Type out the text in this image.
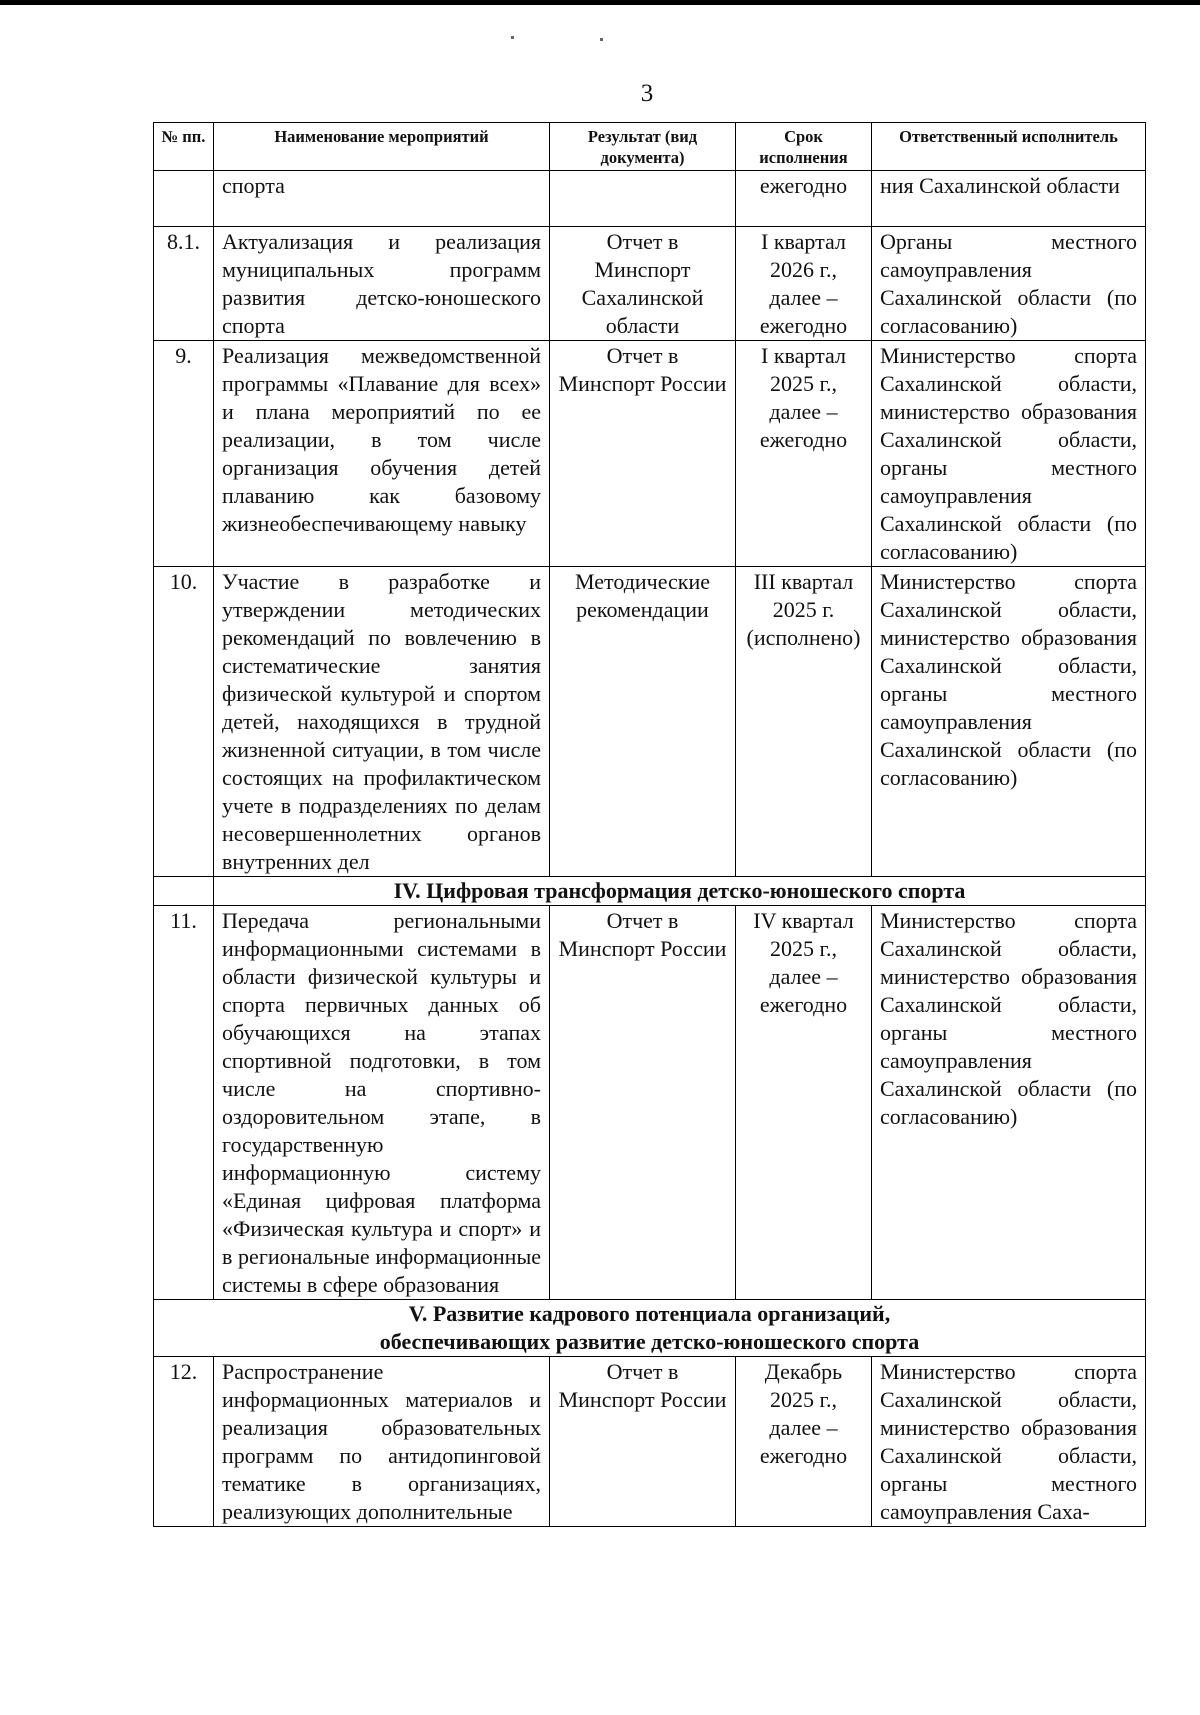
3
№ пп.	Наименование мероприятий	Результат (вид документа)	Срок исполнения	Ответственный исполнитель
	спорта		ежегодно	ния Сахалинской области
8.1.	Актуализация и реализация муниципальных программ развития детско-юношеского спорта	Отчет в Минспорт Сахалинской области	I квартал 2026 г., далее – ежегодно	Органы местного самоуправления Сахалинской области (по согласованию)
9.	Реализация межведомственной программы «Плавание для всех» и плана мероприятий по ее реализации, в том числе организация обучения детей плаванию как базовому жизнеобеспечивающему навыку	Отчет в Минспорт России	I квартал 2025 г., далее – ежегодно	Министерство спорта Сахалинской области, министерство образования Сахалинской области, органы местного самоуправления Сахалинской области (по согласованию)
10.	Участие в разработке и утверждении методических рекомендаций по вовлечению в систематические занятия физической культурой и спортом детей, находящихся в трудной жизненной ситуации, в том числе состоящих на профилактическом учете в подразделениях по делам несовершеннолетних органов внутренних дел	Методические рекомендации	III квартал 2025 г. (исполнено)	Министерство спорта Сахалинской области, министерство образования Сахалинской области, органы местного самоуправления Сахалинской области (по согласованию)
	IV. Цифровая трансформация детско-юношеского спорта			
11.	Передача региональными информационными системами в области физической культуры и спорта первичных данных об обучающихся на этапах спортивной подготовки, в том числе на спортивно-оздоровительном этапе, в государственную информационную систему «Единая цифровая платформа «Физическая культура и спорт» и в региональные информационные системы в сфере образования	Отчет в Минспорт России	IV квартал 2025 г., далее – ежегодно	Министерство спорта Сахалинской области, министерство образования Сахалинской области, органы местного самоуправления Сахалинской области (по согласованию)

V. Развитие кадрового потенциала организаций,
обеспечивающих развитие детско-юношеского спорта				

12.	Распространение информационных материалов и реализация образовательных программ по антидопинговой тематике в организациях, реализующих дополнительные	Отчет в Минспорт России	Декабрь 2025 г., далее – ежегодно	Министерство спорта Сахалинской области, министерство образования Сахалинской области, органы местного самоуправления Саха-
